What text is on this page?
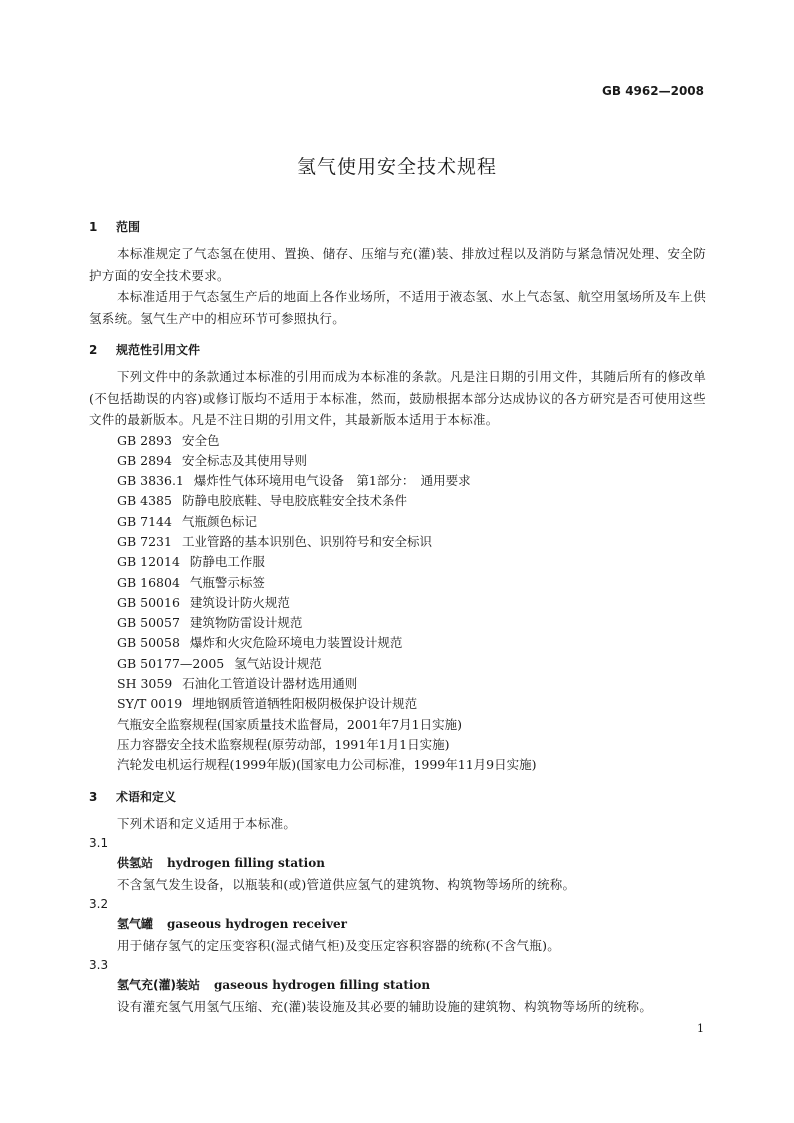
GB 4962—2008
氢气使用安全技术规程
1 范围

本标准规定了气态氢在使用、置换、储存、压缩与充(灌)装、排放过程以及消防与紧急情况处理、安全防护方面的安全技术要求。

本标准适用于气态氢生产后的地面上各作业场所，不适用于液态氢、水上气态氢、航空用氢场所及车上供氢系统。氢气生产中的相应环节可参照执行。

2 规范性引用文件

下列文件中的条款通过本标准的引用而成为本标准的条款。凡是注日期的引用文件，其随后所有的修改单(不包括勘误的内容)或修订版均不适用于本标准，然而，鼓励根据本部分达成协议的各方研究是否可使用这些文件的最新版本。凡是不注日期的引用文件，其最新版本适用于本标准。

GB 2893 安全色
GB 2894 安全标志及其使用导则
GB 3836.1 爆炸性气体环境用电气设备　第1部分：　通用要求
GB 4385 防静电胶底鞋、导电胶底鞋安全技术条件
GB 7144 气瓶颜色标记
GB 7231 工业管路的基本识别色、识别符号和安全标识
GB 12014 防静电工作服
GB 16804 气瓶警示标签
GB 50016 建筑设计防火规范
GB 50057 建筑物防雷设计规范
GB 50058 爆炸和火灾危险环境电力装置设计规范
GB 50177—2005 氢气站设计规范
SH 3059 石油化工管道设计器材选用通则
SY/T 0019 埋地钢质管道牺牲阳极阴极保护设计规范
气瓶安全监察规程(国家质量技术监督局，2001年7月1日实施)
压力容器安全技术监察规程(原劳动部，1991年1月1日实施)
汽轮发电机运行规程(1999年版)(国家电力公司标准，1999年11月9日实施)
3 术语和定义

下列术语和定义适用于本标准。

3.1
供氢站 hydrogen filling station
不含氢气发生设备，以瓶装和(或)管道供应氢气的建筑物、构筑物等场所的统称。
3.2
氢气罐 gaseous hydrogen receiver
用于储存氢气的定压变容积(湿式储气柜)及变压定容积容器的统称(不含气瓶)。
3.3
氢气充(灌)装站 gaseous hydrogen filling station
设有灌充氢气用氢气压缩、充(灌)装设施及其必要的辅助设施的建筑物、构筑物等场所的统称。
1
